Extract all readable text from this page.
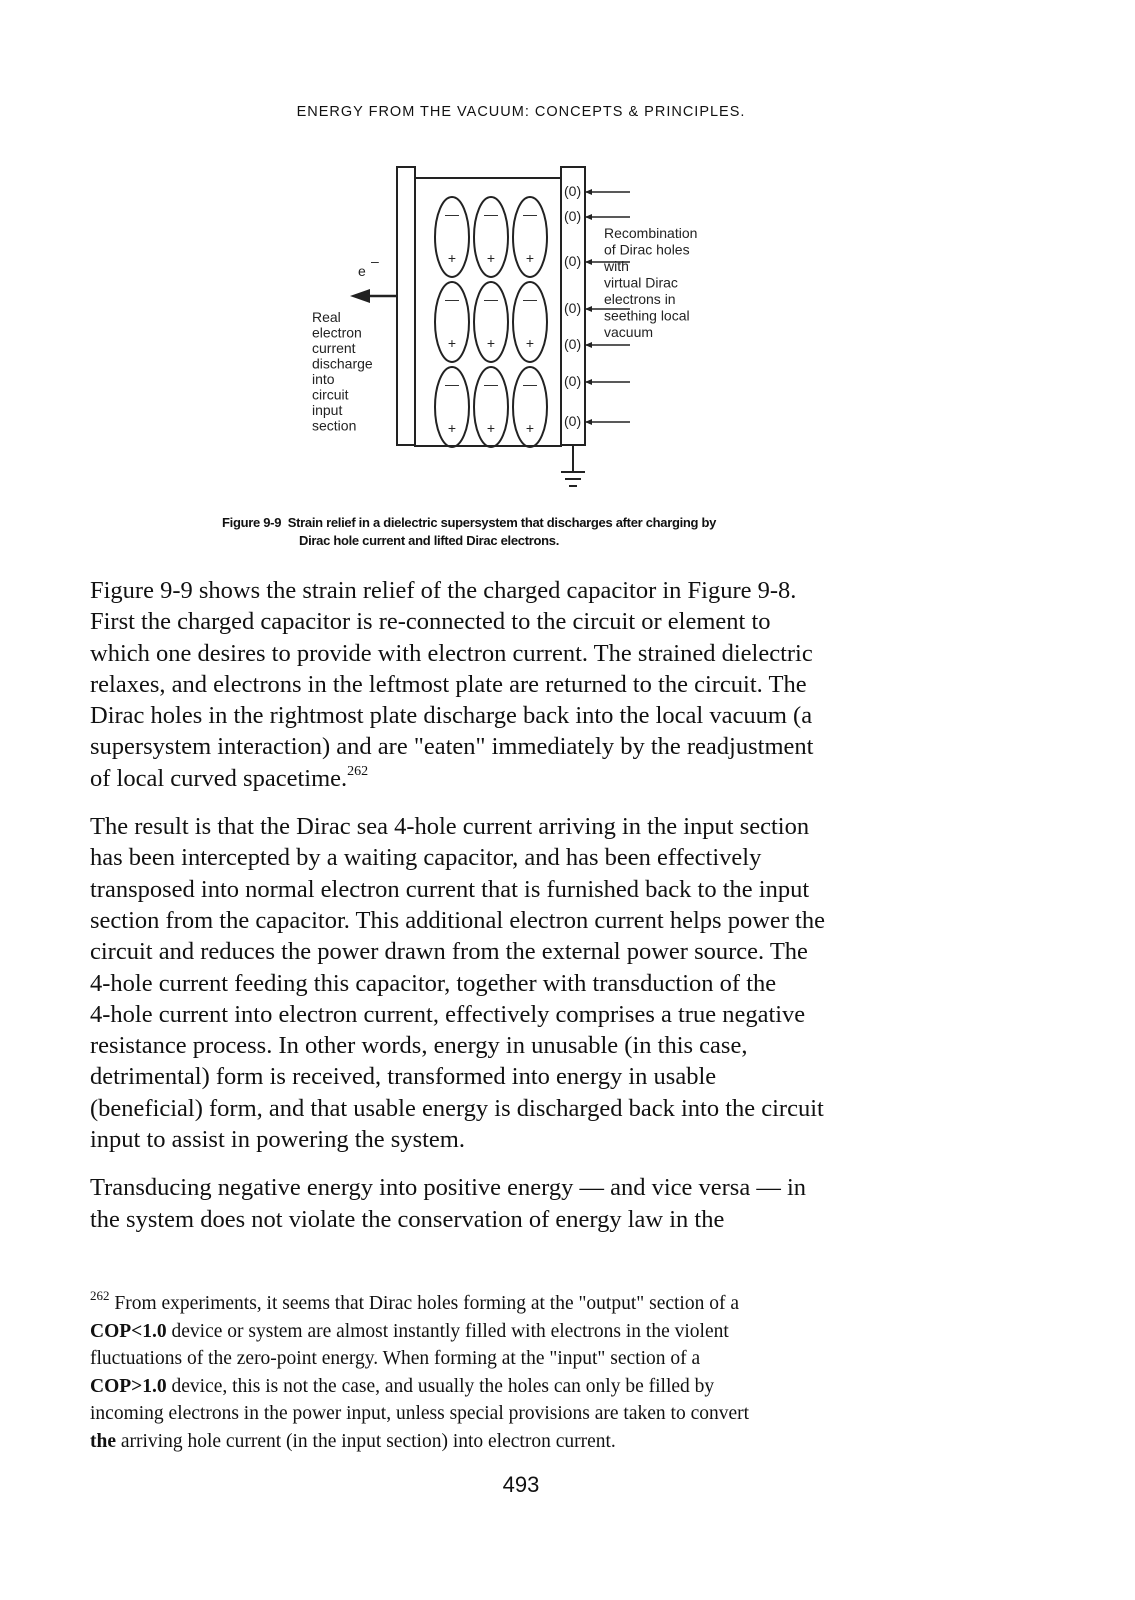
ENERGY FROM THE VACUUM: CONCEPTS & PRINCIPLES.
—
+
—
+
—
+
—
+
—
+
—
+
—
+
—
+
—
+
(0)
(0)
(0)
(0)
(0)
(0)
(0)
e
–
Real
electron
current
discharge
into
circuit
input
section
Recombination
of Dirac holes
with
virtual Dirac
electrons in
seething local
vacuum
Figure 9-9 Strain relief in a dielectric supersystem that discharges after charging by
Dirac hole current and lifted Dirac electrons.

Figure 9-9 shows the strain relief of the charged capacitor in Figure 9-8.
First the charged capacitor is re-connected to the circuit or element to
which one desires to provide with electron current. The strained dielectric
relaxes, and electrons in the leftmost plate are returned to the circuit. The
Dirac holes in the rightmost plate discharge back into the local vacuum (a
supersystem interaction) and are "eaten" immediately by the readjustment
of local curved spacetime.$^{262}$

The result is that the Dirac sea 4-hole current arriving in the input section
has been intercepted by a waiting capacitor, and has been effectively
transposed into normal electron current that is furnished back to the input
section from the capacitor. This additional electron current helps power the
circuit and reduces the power drawn from the external power source. The
4-hole current feeding this capacitor, together with transduction of the
4-hole current into electron current, effectively comprises a true negative
resistance process. In other words, energy in unusable (in this case,
detrimental) form is received, transformed into energy in usable
(beneficial) form, and that usable energy is discharged back into the circuit
input to assist in powering the system.

Transducing negative energy into positive energy — and vice versa — in
the system does not violate the conservation of energy law in the

$^{262}$ From experiments, it seems that Dirac holes forming at the "output" section of a
COP<1.0 device or system are almost instantly filled with electrons in the violent
fluctuations of the zero-point energy. When forming at the "input" section of a
COP>1.0 device, this is not the case, and usually the holes can only be filled by
incoming electrons in the power input, unless special provisions are taken to convert
the arriving hole current (in the input section) into electron current.
493
